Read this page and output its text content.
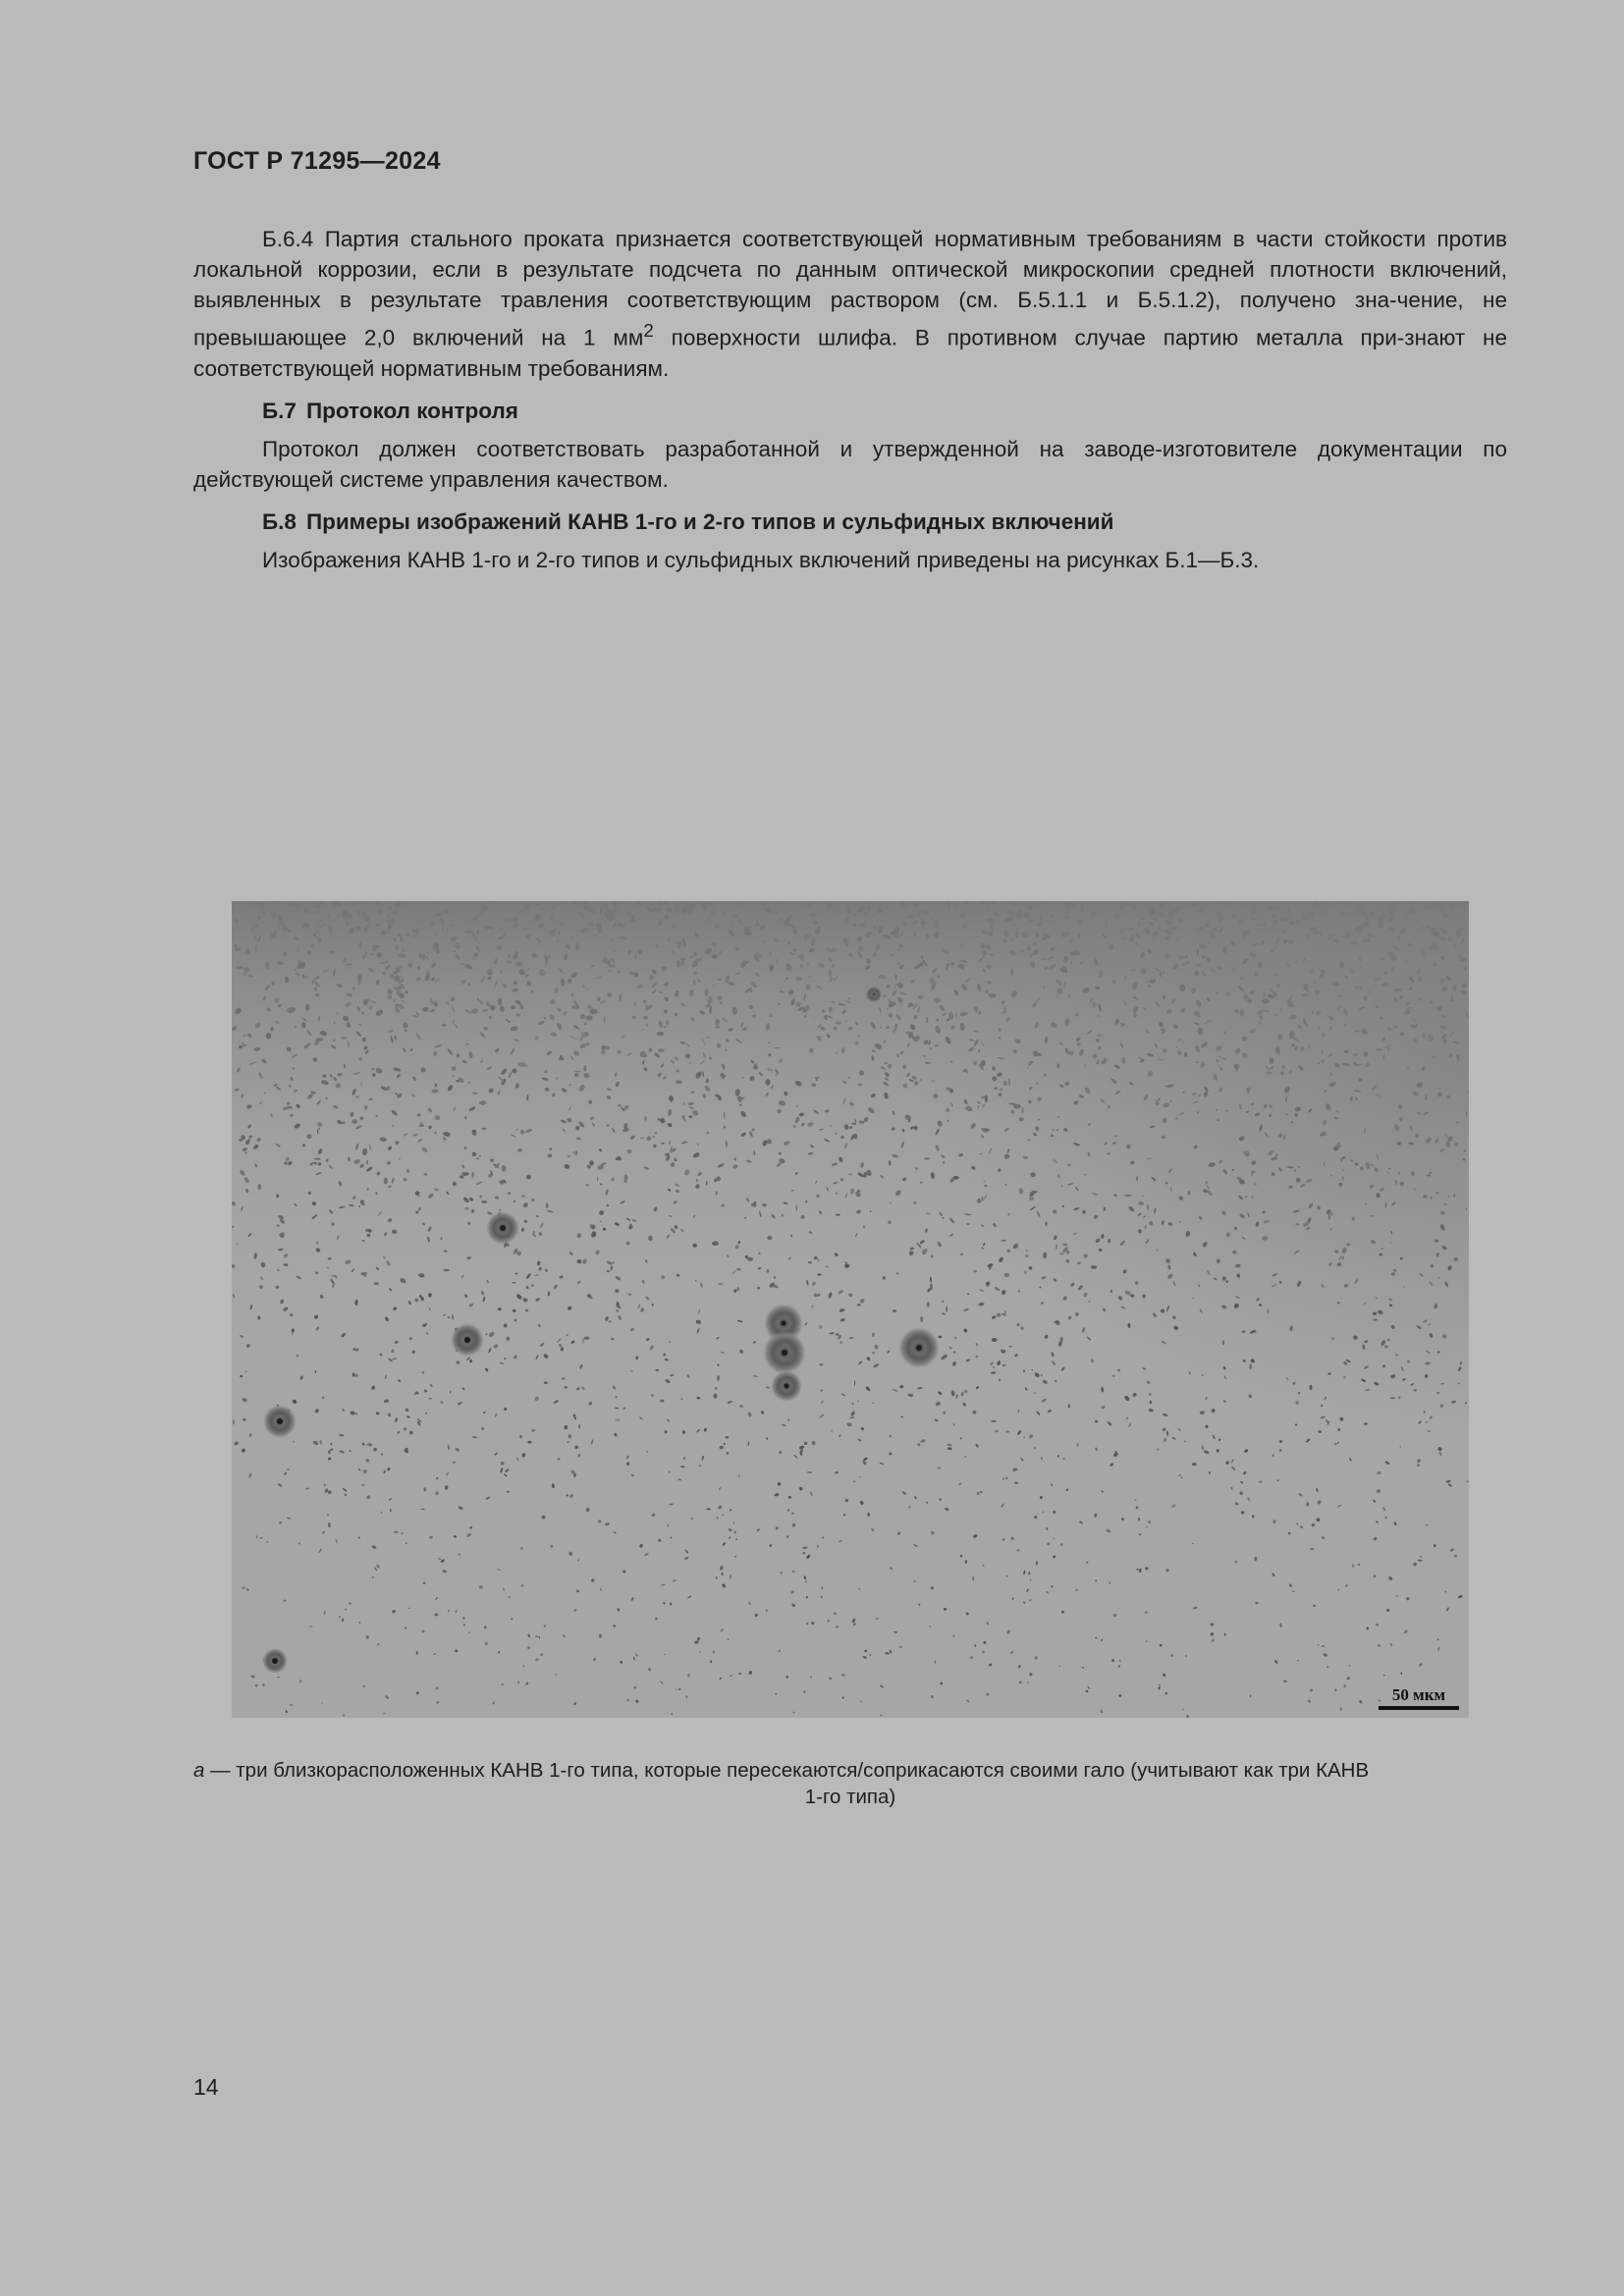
ГОСТ Р 71295—2024

Б.6.4 Партия стального проката признается соответствующей нормативным требованиям в части стойкости против локальной коррозии, если в результате подсчета по данным оптической микроскопии средней плотности включений, выявленных в результате травления соответствующим раствором (см. Б.5.1.1 и Б.5.1.2), получено зна-чение, не превышающее 2,0 включений на 1 $мм^2$ поверхности шлифа. В противном случае партию металла при-знают не соответствующей нормативным требованиям.

Б.7 Протокол контроля

Протокол должен соответствовать разработанной и утвержденной на заводе-изготовителе документации по действующей системе управления качеством.

Б.8 Примеры изображений КАНВ 1-го и 2-го типов и сульфидных включений

Изображения КАНВ 1-го и 2-го типов и сульфидных включений приведены на рисунках Б.1—Б.3.

50 мкм
а — три близкорасположенных КАНВ 1-го типа, которые пересекаются/соприкасаются своими гало (учитывают как три КАНВ
1-го типа)
14
